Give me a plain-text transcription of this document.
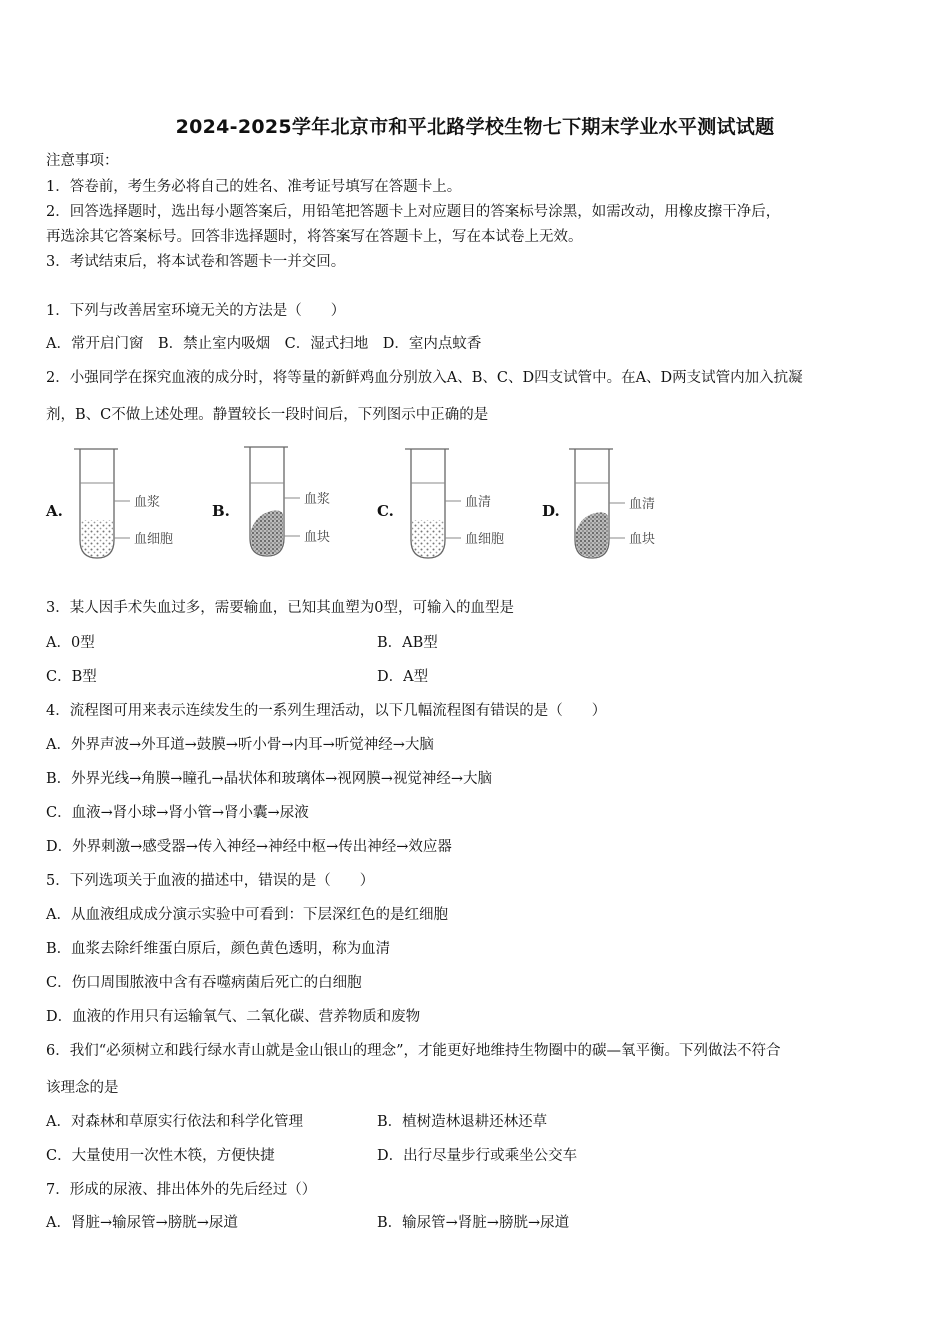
2024-2025学年北京市和平北路学校生物七下期末学业水平测试试题
注意事项：
1．答卷前，考生务必将自己的姓名、准考证号填写在答题卡上。
2．回答选择题时，选出每小题答案后，用铅笔把答题卡上对应题目的答案标号涂黑，如需改动，用橡皮擦干净后，
再选涂其它答案标号。回答非选择题时，将答案写在答题卡上，写在本试卷上无效。
3．考试结束后，将本试卷和答题卡一并交回。
1．下列与改善居室环境无关的方法是（　　）
A．常开启门窗　B．禁止室内吸烟　C．湿式扫地　D．室内点蚊香
2．小强同学在探究血液的成分时，将等量的新鲜鸡血分别放入A、B、C、D四支试管中。在A、D两支试管内加入抗凝
剂，B、C不做上述处理。静置较长一段时间后，下列图示中正确的是
A.	B.	C.	D.
血浆
血细胞
血浆
血块
血清
血细胞
血清
血块
3．某人因手术失血过多，需要输血，已知其血塑为0型，可输入的血型是
A．0型	B．AB型
C．B型	D．A型
4．流程图可用来表示连续发生的一系列生理活动，以下几幅流程图有错误的是（　　）
A．外界声波→外耳道→鼓膜→听小骨→内耳→听觉神经→大脑
B．外界光线→角膜→瞳孔→晶状体和玻璃体→视网膜→视觉神经→大脑
C．血液→肾小球→肾小管→肾小囊→尿液
D．外界刺激→感受器→传入神经→神经中枢→传出神经→效应器
5．下列选项关于血液的描述中，错误的是（　　）
A．从血液组成成分演示实验中可看到：下层深红色的是红细胞
B．血浆去除纤维蛋白原后，颜色黄色透明，称为血清
C．伤口周围脓液中含有吞噬病菌后死亡的白细胞
D．血液的作用只有运输氧气、二氧化碳、营养物质和废物
6．我们“必须树立和践行绿水青山就是金山银山的理念”，才能更好地维持生物圈中的碳—氧平衡。下列做法不符合
该理念的是
A．对森林和草原实行依法和科学化管理	B．植树造林退耕还林还草
C．大量使用一次性木筷，方便快捷	D．出行尽量步行或乘坐公交车
7．形成的尿液、排出体外的先后经过（）
A．肾脏→输尿管→膀胱→尿道	B．输尿管→肾脏→膀胱→尿道
